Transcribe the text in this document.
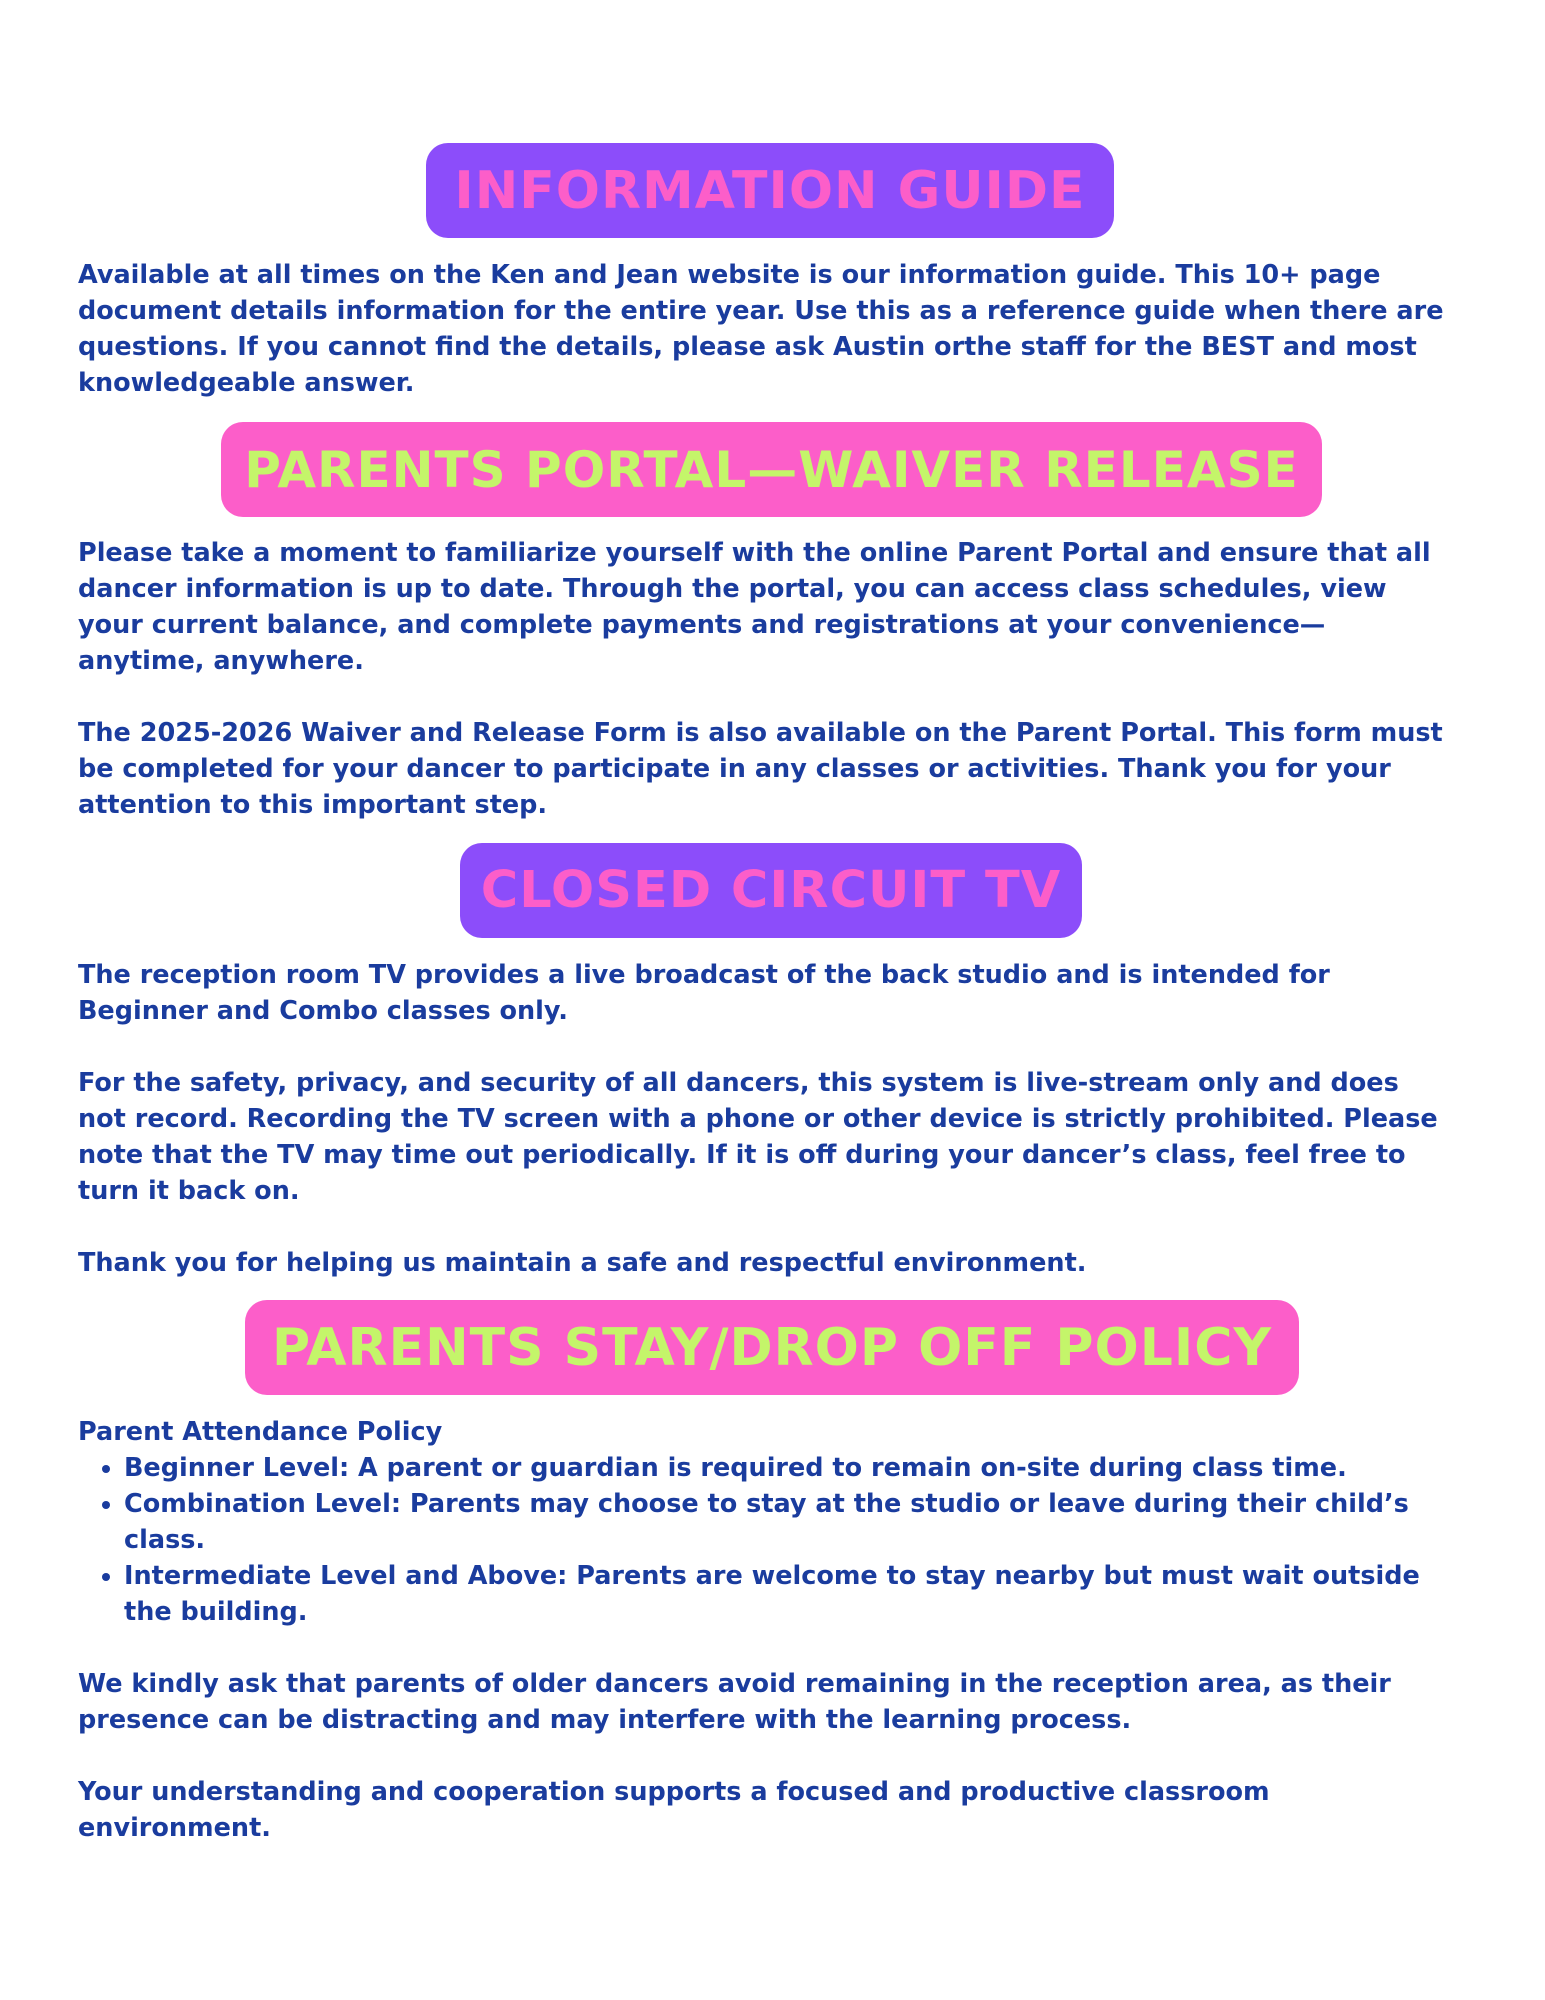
INFORMATION GUIDE

Available at all times on the Ken and Jean website is our information guide. This 10+ page document details information for the entire year. Use this as a reference guide when there are questions. If you cannot find the details, please ask Austin orthe staff for the BEST and most knowledgeable answer.

PARENTS PORTAL—WAIVER RELEASE

Please take a moment to familiarize yourself with the online Parent Portal and ensure that all dancer information is up to date. Through the portal, you can access class schedules, view your current balance, and complete payments and registrations at your convenience—anytime, anywhere.

The 2025-2026 Waiver and Release Form is also available on the Parent Portal. This form must be completed for your dancer to participate in any classes or activities. Thank you for your attention to this important step.

CLOSED CIRCUIT TV

The reception room TV provides a live broadcast of the back studio and is intended for Beginner and Combo classes only.

For the safety, privacy, and security of all dancers, this system is live-stream only and does not record. Recording the TV screen with a phone or other device is strictly prohibited. Please note that the TV may time out periodically. If it is off during your dancer’s class, feel free to turn it back on.

Thank you for helping us maintain a safe and respectful environment.

PARENTS STAY/DROP OFF POLICY

Parent Attendance Policy

• Beginner Level: A parent or guardian is required to remain on-site during class time.
• Combination Level: Parents may choose to stay at the studio or leave during their child’s class.
• Intermediate Level and Above: Parents are welcome to stay nearby but must wait outside the building.

We kindly ask that parents of older dancers avoid remaining in the reception area, as their presence can be distracting and may interfere with the learning process.

Your understanding and cooperation supports a focused and productive classroom environment.
